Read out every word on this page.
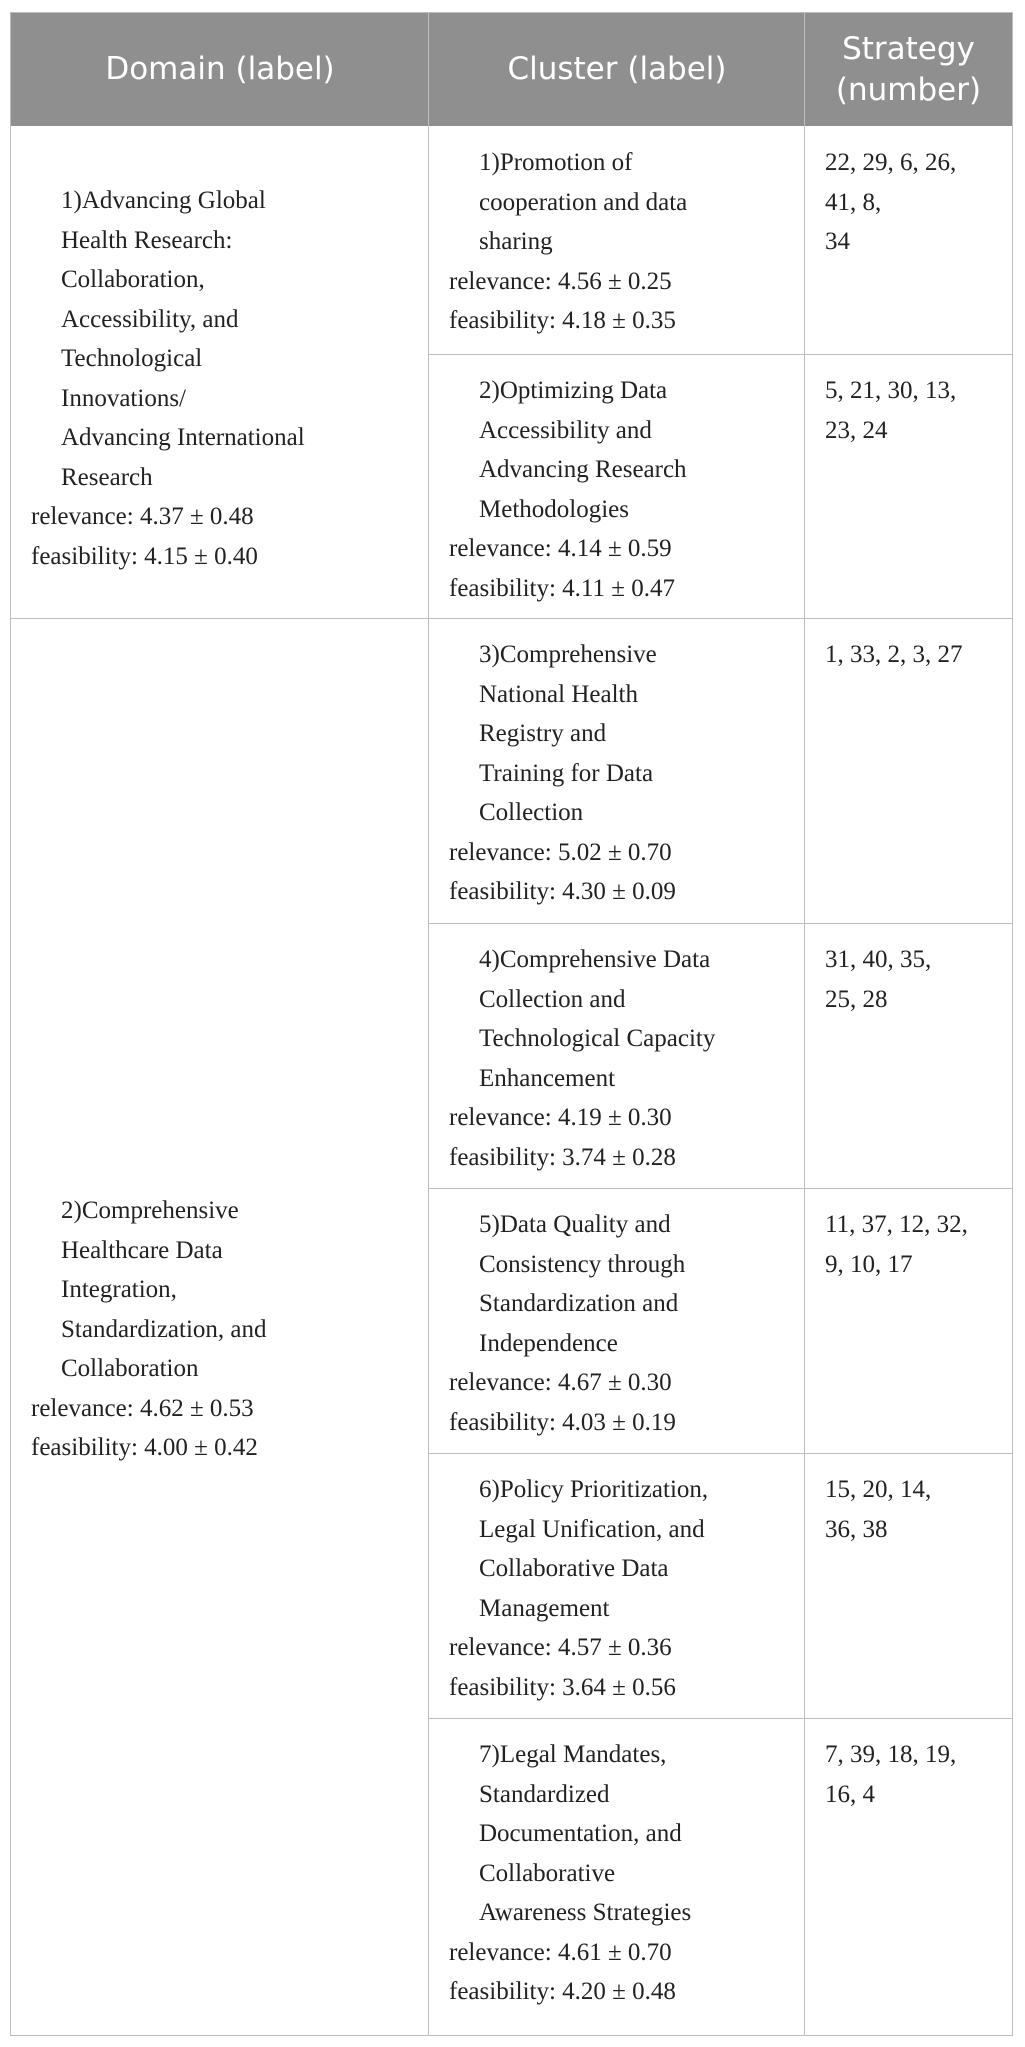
Domain (label)	Cluster (label)
Strategy
(number)
1)Advancing Global
Health Research:
Collaboration,
Accessibility, and
Technological
Innovations/
Advancing International
Research
relevance: 4.37 ± 0.48
feasibility: 4.15 ± 0.40
2)Comprehensive
Healthcare Data
Integration,
Standardization, and
Collaboration
relevance: 4.62 ± 0.53
feasibility: 4.00 ± 0.42
1)Promotion of
cooperation and data
sharing
relevance: 4.56 ± 0.25
feasibility: 4.18 ± 0.35
22, 29, 6, 26,
41, 8,
34
2)Optimizing Data
Accessibility and
Advancing Research
Methodologies
relevance: 4.14 ± 0.59
feasibility: 4.11 ± 0.47
5, 21, 30, 13,
23, 24
3)Comprehensive
National Health
Registry and
Training for Data
Collection
relevance: 5.02 ± 0.70
feasibility: 4.30 ± 0.09
1, 33, 2, 3, 27
4)Comprehensive Data
Collection and
Technological Capacity
Enhancement
relevance: 4.19 ± 0.30
feasibility: 3.74 ± 0.28
31, 40, 35,
25, 28
5)Data Quality and
Consistency through
Standardization and
Independence
relevance: 4.67 ± 0.30
feasibility: 4.03 ± 0.19
11, 37, 12, 32,
9, 10, 17
6)Policy Prioritization,
Legal Unification, and
Collaborative Data
Management
relevance: 4.57 ± 0.36
feasibility: 3.64 ± 0.56
15, 20, 14,
36, 38
7)Legal Mandates,
Standardized
Documentation, and
Collaborative
Awareness Strategies
relevance: 4.61 ± 0.70
feasibility: 4.20 ± 0.48
7, 39, 18, 19,
16, 4
